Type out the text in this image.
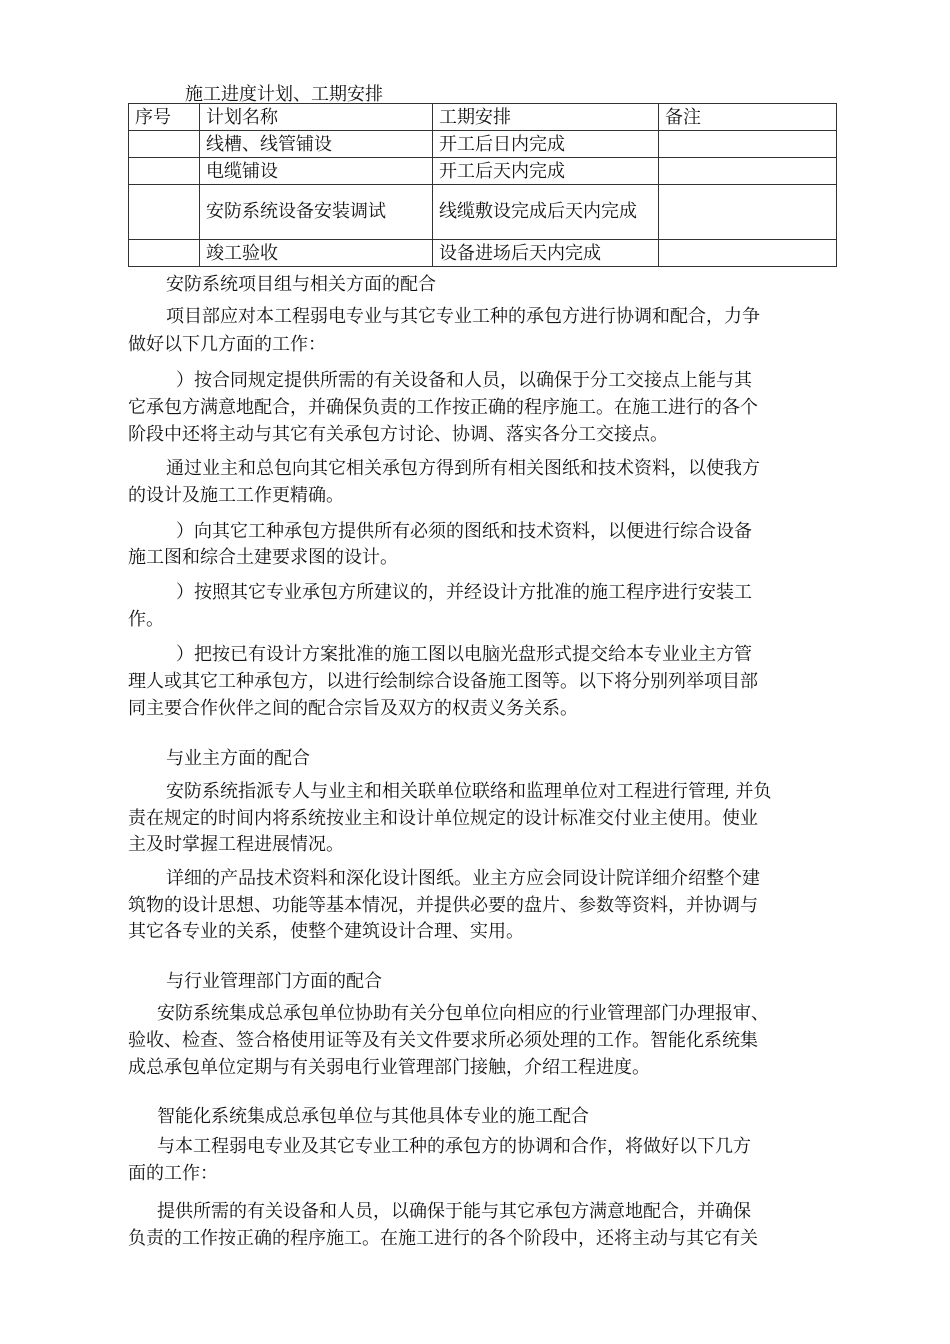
施工进度计划、工期安排
序号	计划名称	工期安排	备注
	线槽、线管铺设	开工后日内完成	
	电缆铺设	开工后天内完成	
	安防系统设备安装调试	线缆敷设完成后天内完成	
	竣工验收	设备进场后天内完成	
安防系统项目组与相关方面的配合
项目部应对本工程弱电专业与其它专业工种的承包方进行协调和配合，力争
做好以下几方面的工作：
）按合同规定提供所需的有关设备和人员，以确保于分工交接点上能与其
它承包方满意地配合，并确保负责的工作按正确的程序施工。在施工进行的各个
阶段中还将主动与其它有关承包方讨论、协调、落实各分工交接点。
通过业主和总包向其它相关承包方得到所有相关图纸和技术资料，以使我方
的设计及施工工作更精确。
）向其它工种承包方提供所有必须的图纸和技术资料，以便进行综合设备
施工图和综合土建要求图的设计。
）按照其它专业承包方所建议的，并经设计方批准的施工程序进行安装工
作。
）把按已有设计方案批准的施工图以电脑光盘形式提交给本专业业主方管
理人或其它工种承包方，以进行绘制综合设备施工图等。以下将分别列举项目部
同主要合作伙伴之间的配合宗旨及双方的权责义务关系。
与业主方面的配合
安防系统指派专人与业主和相关联单位联络和监理单位对工程进行管理, 并负
责在规定的时间内将系统按业主和设计单位规定的设计标准交付业主使用。使业
主及时掌握工程进展情况。
详细的产品技术资料和深化设计图纸。业主方应会同设计院详细介绍整个建
筑物的设计思想、功能等基本情况，并提供必要的盘片、参数等资料，并协调与
其它各专业的关系，使整个建筑设计合理、实用。
与行业管理部门方面的配合
安防系统集成总承包单位协助有关分包单位向相应的行业管理部门办理报审、
验收、检查、签合格使用证等及有关文件要求所必须处理的工作。智能化系统集
成总承包单位定期与有关弱电行业管理部门接触，介绍工程进度。
智能化系统集成总承包单位与其他具体专业的施工配合
与本工程弱电专业及其它专业工种的承包方的协调和合作，将做好以下几方
面的工作：
提供所需的有关设备和人员，以确保于能与其它承包方满意地配合，并确保
负责的工作按正确的程序施工。在施工进行的各个阶段中，还将主动与其它有关
